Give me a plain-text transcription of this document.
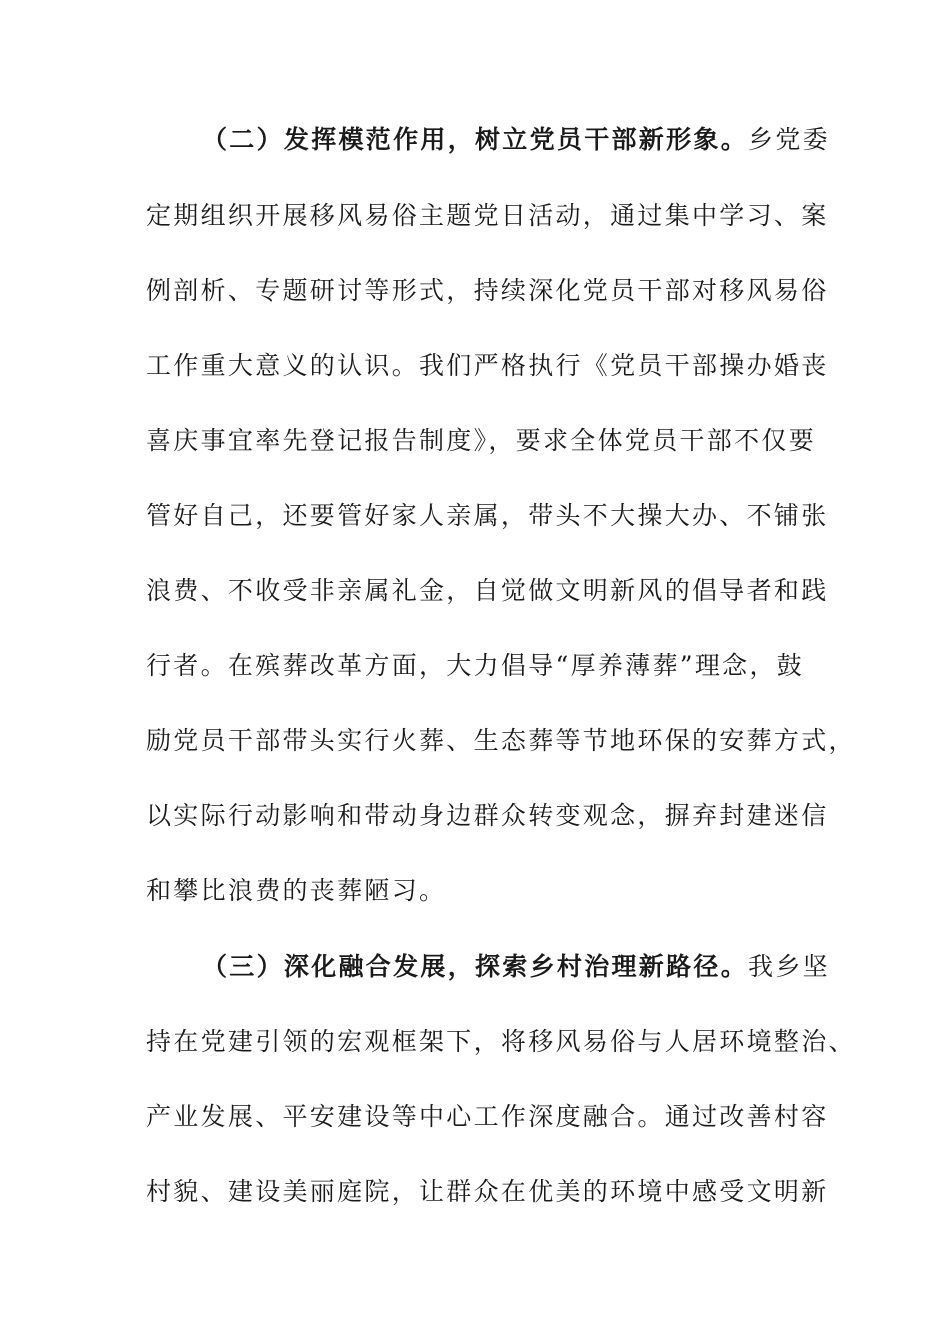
（二）发挥模范作用，树立党员干部新形象。乡党委
定期组织开展移风易俗主题党日活动，通过集中学习、案
例剖析、专题研讨等形式，持续深化党员干部对移风易俗
工作重大意义的认识。我们严格执行《党员干部操办婚丧
喜庆事宜率先登记报告制度》，要求全体党员干部不仅要
管好自己，还要管好家人亲属，带头不大操大办、不铺张
浪费、不收受非亲属礼金，自觉做文明新风的倡导者和践
行者。在殡葬改革方面，大力倡导“厚养薄葬”理念，鼓
励党员干部带头实行火葬、生态葬等节地环保的安葬方式，
以实际行动影响和带动身边群众转变观念，摒弃封建迷信
和攀比浪费的丧葬陋习。
（三）深化融合发展，探索乡村治理新路径。我乡坚
持在党建引领的宏观框架下，将移风易俗与人居环境整治、
产业发展、平安建设等中心工作深度融合。通过改善村容
村貌、建设美丽庭院，让群众在优美的环境中感受文明新
